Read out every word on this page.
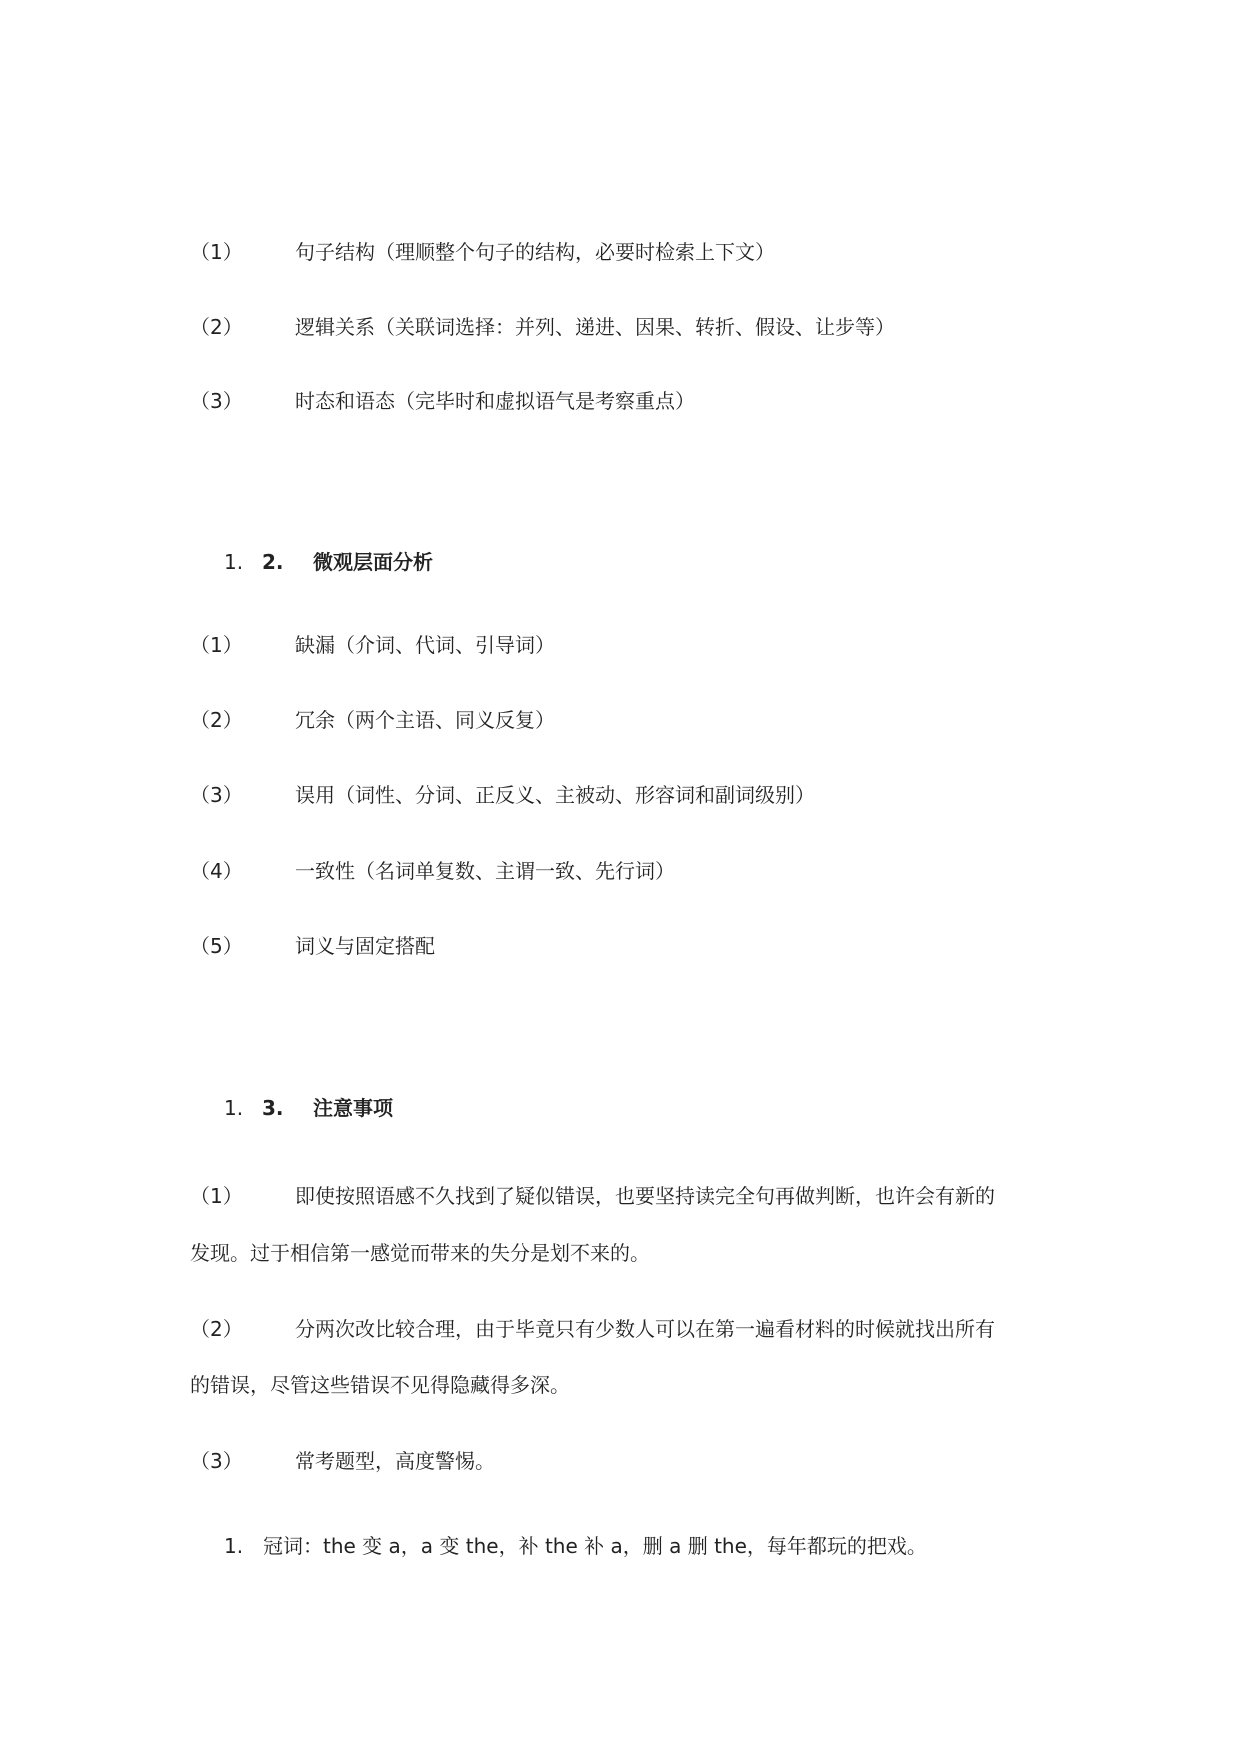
（1）	句子结构（理顺整个句子的结构，必要时检索上下文）
（2）	逻辑关系（关联词选择：并列、递进、因果、转折、假设、让步等）
（3）	时态和语态（完毕时和虚拟语气是考察重点）
1. 2. 微观层面分析
（1）	缺漏（介词、代词、引导词）
（2）	冗余（两个主语、同义反复）
（3）	误用（词性、分词、正反义、主被动、形容词和副词级别）
（4）	一致性（名词单复数、主谓一致、先行词）
（5）	词义与固定搭配
1. 3. 注意事项
（1）	即使按照语感不久找到了疑似错误，也要坚持读完全句再做判断，也许会有新的
发现。过于相信第一感觉而带来的失分是划不来的。
（2）	分两次改比较合理，由于毕竟只有少数人可以在第一遍看材料的时候就找出所有
的错误，尽管这些错误不见得隐藏得多深。
（3）	常考题型，高度警惕。
1. 冠词：the 变 a，a 变 the，补 the 补 a，删 a 删 the，每年都玩的把戏。
